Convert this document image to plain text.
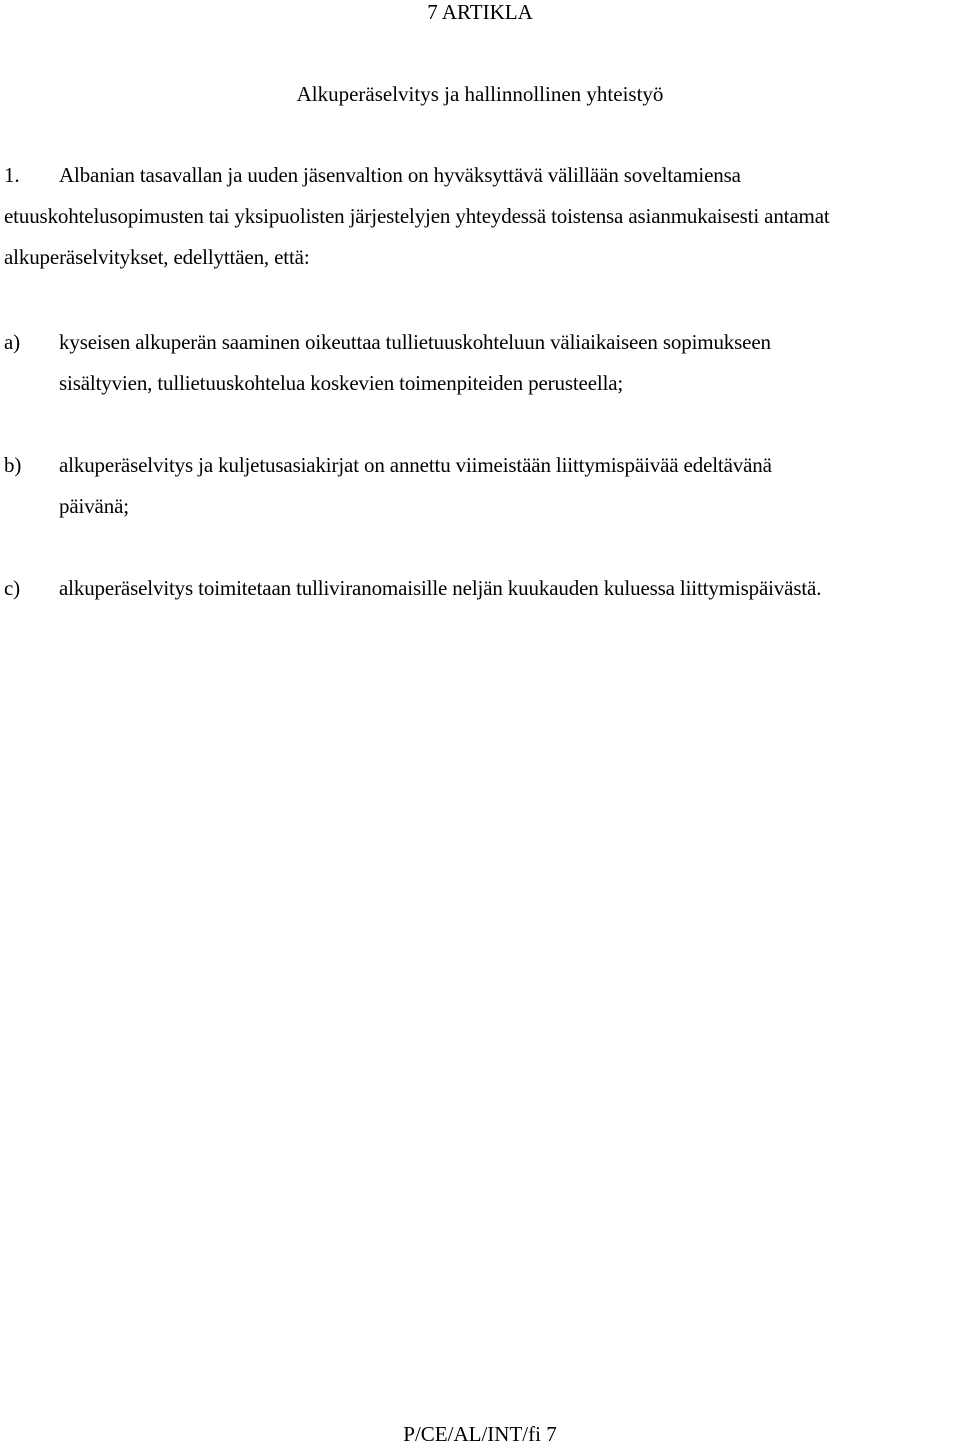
7 ARTIKLA
Alkuperäselvitys ja hallinnollinen yhteistyö
1. Albanian tasavallan ja uuden jäsenvaltion on hyväksyttävä välillään soveltamiensa
etuuskohtelusopimusten tai yksipuolisten järjestelyjen yhteydessä toistensa asianmukaisesti antamat
alkuperäselvitykset, edellyttäen, että:
a) kyseisen alkuperän saaminen oikeuttaa tullietuuskohteluun väliaikaiseen sopimukseen
sisältyvien, tullietuuskohtelua koskevien toimenpiteiden perusteella;
b) alkuperäselvitys ja kuljetusasiakirjat on annettu viimeistään liittymispäivää edeltävänä
päivänä;
c) alkuperäselvitys toimitetaan tulliviranomaisille neljän kuukauden kuluessa liittymispäivästä.
P/CE/AL/INT/fi 7
